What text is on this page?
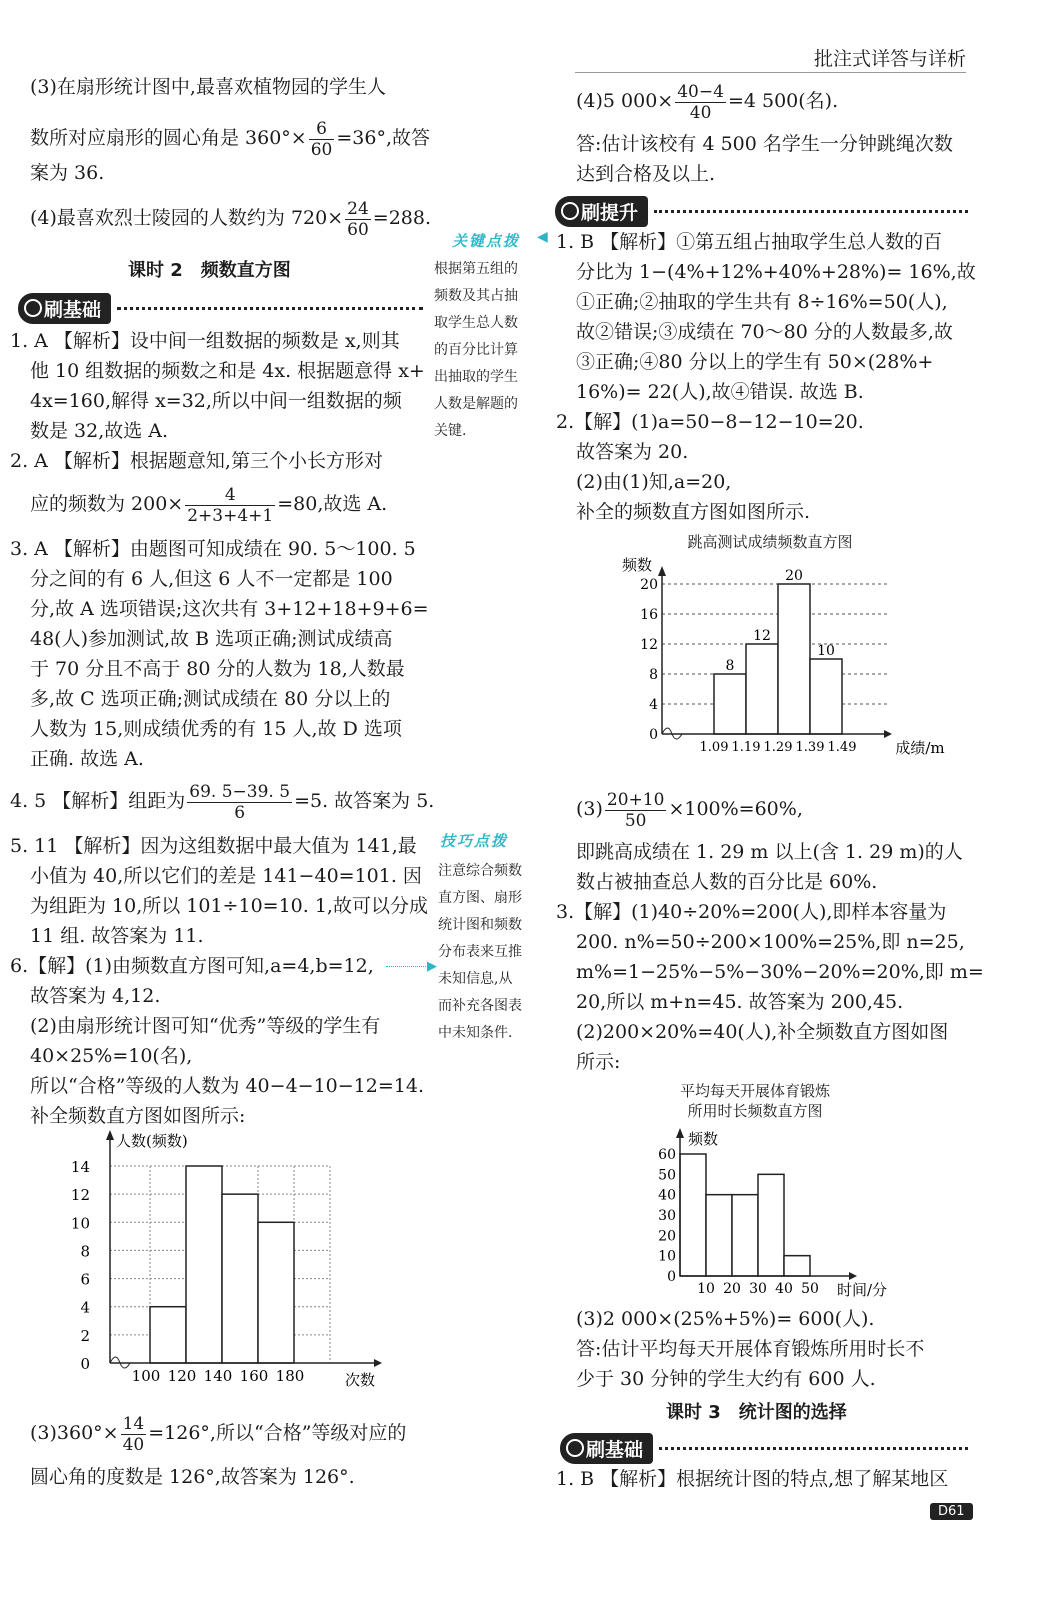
批注式详答与详析
(3)在扇形统计图中,最喜欢植物园的学生人
数所对应扇形的圆心角是 $360^\circ\times \frac{6}{60} =36^\circ$,故答
案为 36.
(4)最喜欢烈士陵园的人数约为 $720\times \frac{24}{60} =288$.
课时 2　频数直方图
刷基础
1. A 【解析】设中间一组数据的频数是 x,则其
他 10 组数据的频数之和是 4x. 根据题意得 x+
4x=160,解得 x=32,所以中间一组数据的频
数是 32,故选 A.
2. A 【解析】根据题意知,第三个小长方形对
应的频数为 $200\times \frac{4}{2+3+4+1} =80$,故选 A.
3. A 【解析】由题图可知成绩在 90. 5～100. 5
分之间的有 6 人,但这 6 人不一定都是 100
分,故 A 选项错误;这次共有 3+12+18+9+6=
48(人)参加测试,故 B 选项正确;测试成绩高
于 70 分且不高于 80 分的人数为 18,人数最
多,故 C 选项正确;测试成绩在 80 分以上的
人数为 15,则成绩优秀的有 15 人,故 D 选项
正确. 故选 A.
4. 5 【解析】组距为 $\frac{69. 5-39. 5}{6} =5$. 故答案为 5.
5. 11 【解析】因为这组数据中最大值为 141,最
小值为 40,所以它们的差是 141−40=101. 因
为组距为 10,所以 101÷10=10. 1,故可以分成
11 组. 故答案为 11.
6.【解】(1)由频数直方图可知,a=4,b=12,
故答案为 4,12.
(2)由扇形统计图可知“优秀”等级的学生有
40×25%=10(名),
所以“合格”等级的人数为 40−4−10−12=14.
补全频数直方图如图所示:
▶
0
2
4
6
8
10
12
14
100 120 140 160 180
人数(频数)
次数
$(3)360^\circ\times \frac{14}{40} =126^\circ$,所以“合格”等级对应的
圆心角的度数是 126°,故答案为 126°.
关键点拨 ◀
根据第五组的
频数及其占抽
取学生总人数
的百分比计算
出抽取的学生
人数是解题的
关键.
技巧点拨
注意综合频数
直方图、扇形
统计图和频数
分布表来互推
未知信息,从
而补充各图表
中未知条件.
(4)5 $000\times \frac{40-4}{40} =4$ 500(名).
答:估计该校有 4 500 名学生一分钟跳绳次数
达到合格及以上.
刷提升
1. B 【解析】①第五组占抽取学生总人数的百
分比为 1−(4%+12%+40%+28%)= 16%,故
①正确;②抽取的学生共有 8÷16%=50(人),
故②错误;③成绩在 70～80 分的人数最多,故
③正确;④80 分以上的学生有 50×(28%+
16%)= 22(人),故④错误. 故选 B.
2.【解】(1)a=50−8−12−10=20.
故答案为 20.
(2)由(1)知,a=20,
补全的频数直方图如图所示.
跳高测试成绩频数直方图
0
4
8
12
16
20
8
12
20
10
1.09 1.19 1.29 1.39 1.49
频数
成绩/m
$(3) \frac{20+10}{50} \times 100\%=60\%$,
即跳高成绩在 1. 29 m 以上(含 1. 29 m)的人
数占被抽查总人数的百分比是 60%.
3.【解】(1)40÷20%=200(人),即样本容量为
200. n%=50÷200×100%=25%,即 n=25,
m%=1−25%−5%−30%−20%=20%,即 m=
20,所以 m+n=45. 故答案为 200,45.
(2)200×20%=40(人),补全频数直方图如图
所示:
平均每天开展体育锻炼
所用时长频数直方图
0
10
20
30
40
50
60
10 20 30 40 50
频数
时间/分
(3)2 000×(25%+5%)= 600(人).
答:估计平均每天开展体育锻炼所用时长不
少于 30 分钟的学生大约有 600 人.
课时 3　统计图的选择
刷基础
1. B 【解析】根据统计图的特点,想了解某地区
D61
